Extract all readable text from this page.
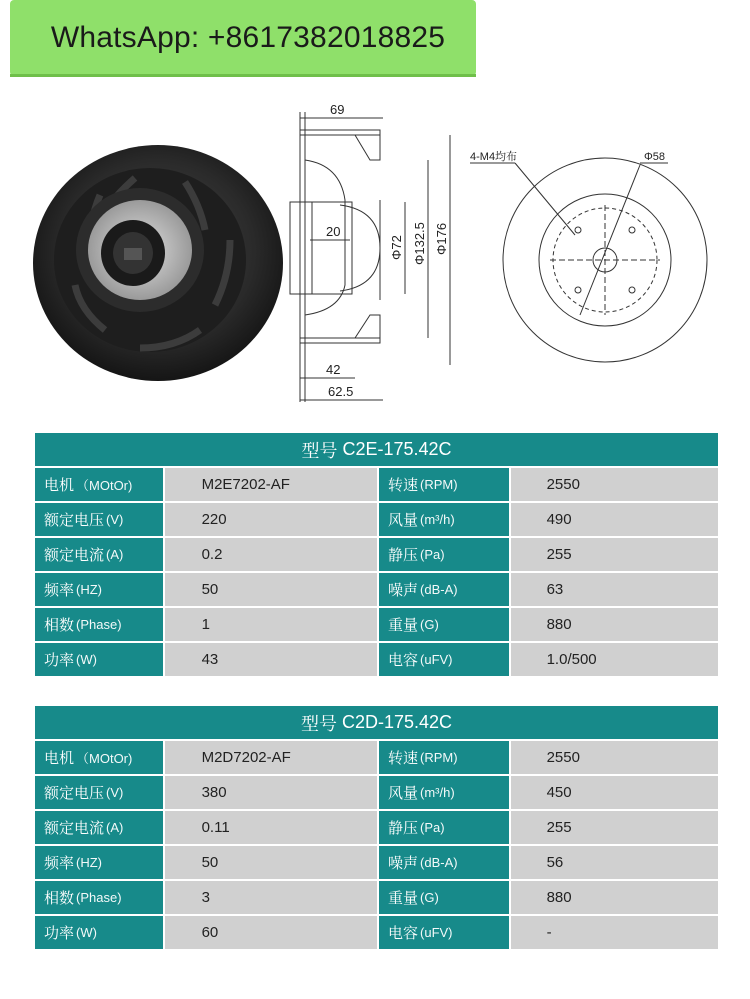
WhatsApp: +8617382018825
69
20
42
62.5
Φ72 Φ132.5 Φ176
4-M4均布	Φ58
型号
C2E-175.42C
电机 （MOtOr)	M2E7202-AF	转速 (RPM)	2550
额定电压 (V)	220	风量 (m³/h)	490
额定电流 (A)	0.2	静压 (Pa)	255
频率 (HZ)	50	噪声 (dB-A)	63
相数 (Phase)	1	重量 (G)	880
功率 (W)	43	电容 (uFV)	1.0/500
型号
C2D-175.42C
电机 （MOtOr)	M2D7202-AF	转速 (RPM)	2550
额定电压 (V)	380	风量 (m³/h)	450
额定电流 (A)	0.11	静压 (Pa)	255
频率 (HZ)	50	噪声 (dB-A)	56
相数 (Phase)	3	重量 (G)	880
功率 (W)	60	电容 (uFV)	-
